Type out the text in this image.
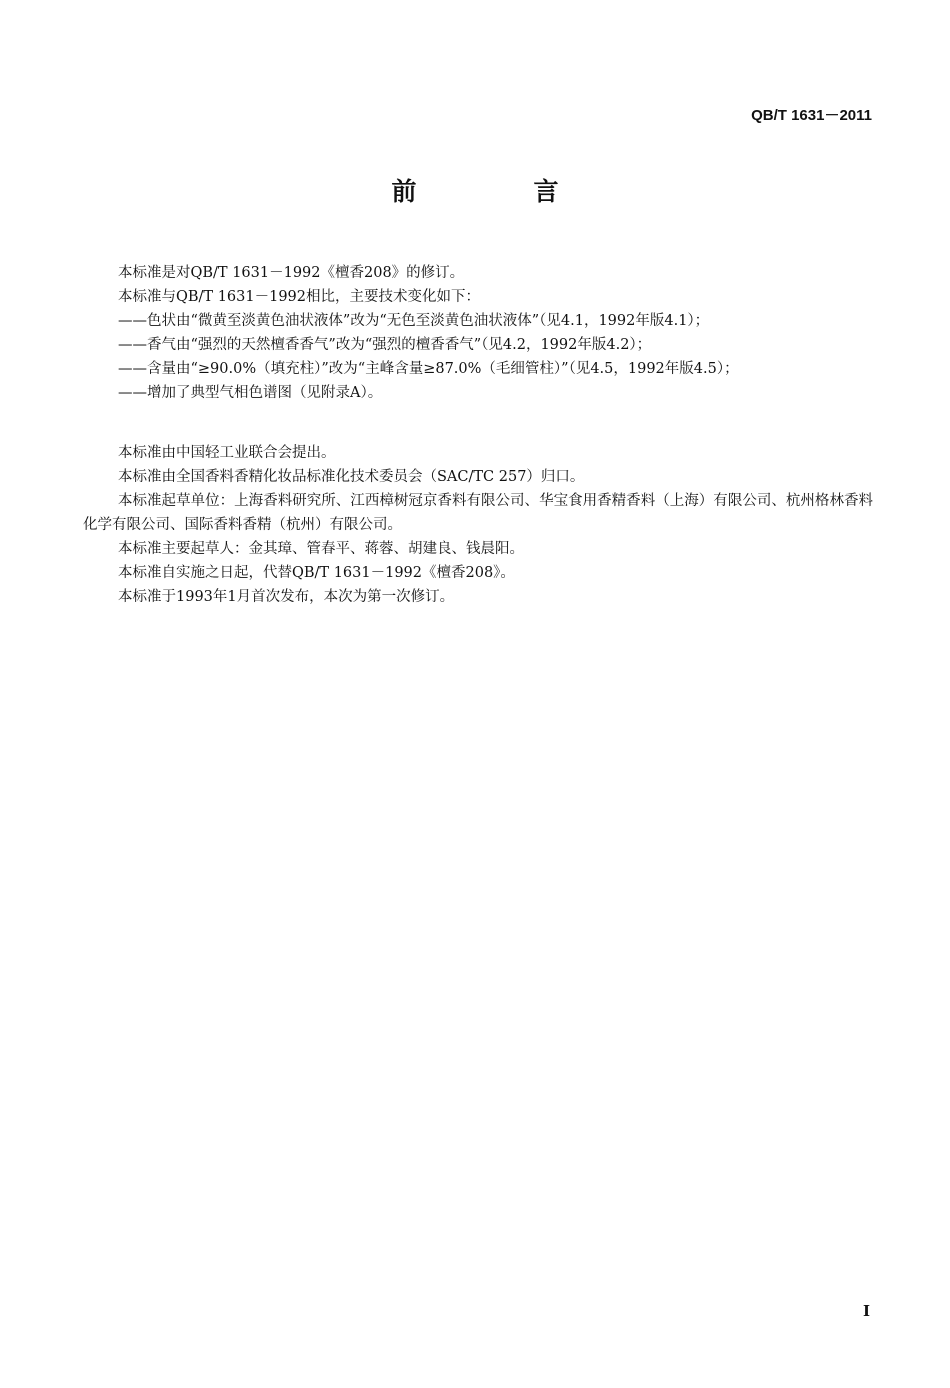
QB/T 1631－2011
前　言

本标准是对QB/T 1631－1992《檀香208》的修订。

本标准与QB/T 1631－1992相比，主要技术变化如下：

——色状由“微黄至淡黄色油状液体”改为“无色至淡黄色油状液体”（见4.1，1992年版4.1）；

——香气由“强烈的天然檀香香气”改为“强烈的檀香香气”（见4.2，1992年版4.2）；

——含量由“≥90.0%（填充柱）”改为“主峰含量≥87.0%（毛细管柱）”（见4.5，1992年版4.5）；

——增加了典型气相色谱图（见附录A）。

本标准由中国轻工业联合会提出。

本标准由全国香料香精化妆品标准化技术委员会（SAC/TC 257）归口。

本标准起草单位：上海香料研究所、江西樟树冠京香料有限公司、华宝食用香精香料（上海）有限公司、杭州格林香料化学有限公司、国际香料香精（杭州）有限公司。

本标准主要起草人：金其璋、管春平、蒋蓉、胡建良、钱晨阳。

本标准自实施之日起，代替QB/T 1631－1992《檀香208》。

本标准于1993年1月首次发布，本次为第一次修订。

I
